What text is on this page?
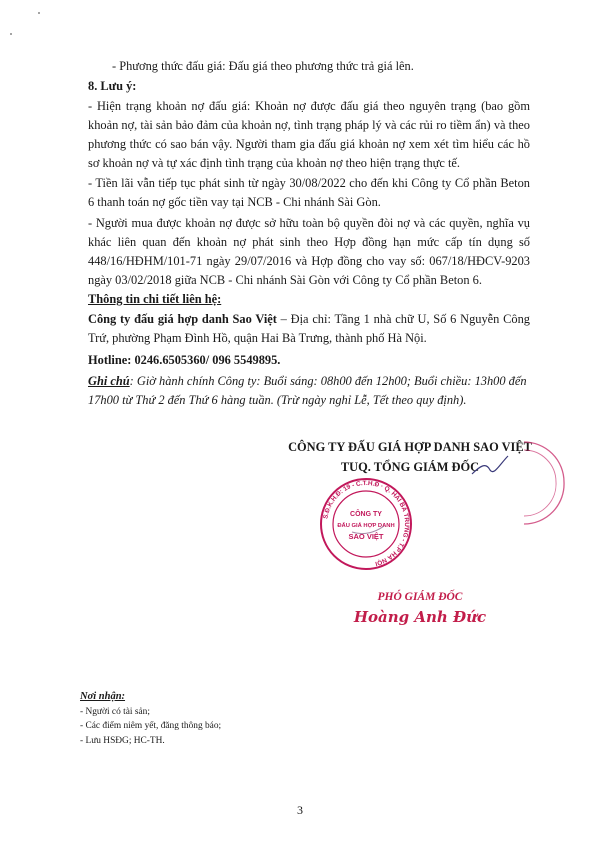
- Phương thức đấu giá: Đấu giá theo phương thức trả giá lên.

8. Lưu ý:

- Hiện trạng khoản nợ đấu giá: Khoản nợ được đấu giá theo nguyên trạng (bao gồm khoản nợ, tài sản bảo đảm của khoản nợ, tình trạng pháp lý và các rủi ro tiềm ẩn) và theo phương thức có sao bán vậy. Người tham gia đấu giá khoản nợ xem xét tìm hiểu các hồ sơ khoản nợ và tự xác định tình trạng của khoản nợ theo hiện trạng thực tế.

- Tiền lãi vẫn tiếp tục phát sinh từ ngày 30/08/2022 cho đến khi Công ty Cổ phần Beton 6 thanh toán nợ gốc tiền vay tại NCB - Chi nhánh Sài Gòn.

- Người mua được khoản nợ được sở hữu toàn bộ quyền đòi nợ và các quyền, nghĩa vụ khác liên quan đến khoản nợ phát sinh theo Hợp đồng hạn mức cấp tín dụng số 448/16/HĐHM/101-71 ngày 29/07/2016 và Hợp đồng cho vay số: 067/18/HĐCV-9203 ngày 03/02/2018 giữa NCB - Chi nhánh Sài Gòn với Công ty Cổ phần Beton 6.

Thông tin chi tiết liên hệ:

Công ty đấu giá hợp danh Sao Việt – Địa chỉ: Tầng 1 nhà chữ U, Số 6 Nguyễn Công Trứ, phường Phạm Đình Hồ, quận Hai Bà Trưng, thành phố Hà Nội.

Hotline: 0246.6505360/ 096 5549895.

Ghi chú: Giờ hành chính Công ty: Buổi sáng: 08h00 đến 12h00; Buổi chiều: 13h00 đến 17h00 từ Thứ 2 đến Thứ 6 hàng tuần. (Trừ ngày nghỉ Lễ, Tết theo quy định).

Nơi nhận:
- Người có tài sản;
- Các điểm niêm yết, đăng thông báo;
- Lưu HSĐG; HC-TH.
CÔNG TY ĐẤU GIÁ HỢP DANH SAO VIỆT
TUQ. TỔNG GIÁM ĐỐC
S.Đ.K.H.Đ: 19 - C.T.H.Đ · Q. HAI BÀ TRƯNG - T.P HÀ NỘI
CÔNG TY
ĐẤU GIÁ HỢP DANH
SAO VIỆT
PHÓ GIÁM ĐỐC
Hoàng Anh Đức
3
